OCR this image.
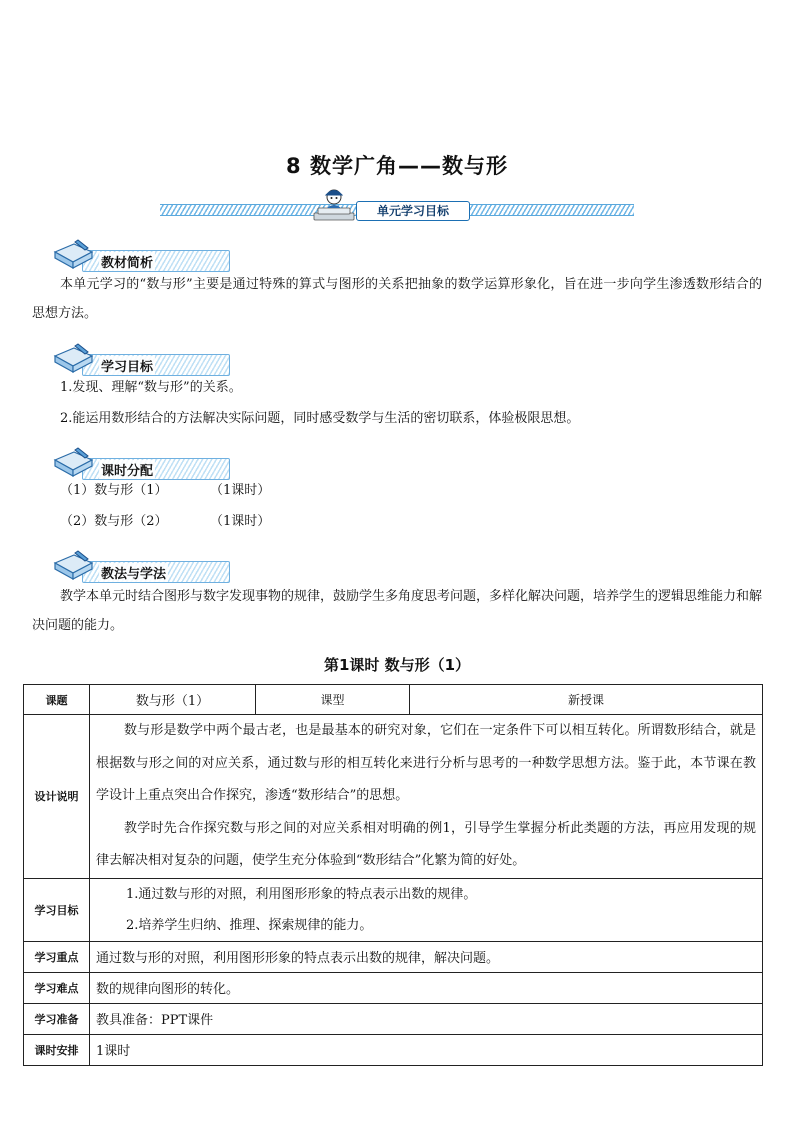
8 数学广角——数与形
单元学习目标
教材简析

本单元学习的“数与形”主要是通过特殊的算式与图形的关系把抽象的数学运算形象化，旨在进一步向学生渗透数形结合的思想方法。

学习目标

1.发现、理解“数与形”的关系。

2.能运用数形结合的方法解决实际问题，同时感受数学与生活的密切联系，体验极限思想。

课时分配

（1）数与形（1）	（1课时）

（2）数与形（2）	（1课时）

教法与学法

教学本单元时结合图形与数字发现事物的规律，鼓励学生多角度思考问题，多样化解决问题，培养学生的逻辑思维能力和解决问题的能力。

第1课时 数与形（1）
课题	数与形（1）	课型	新授课
设计说明	数与形是数学中两个最古老，也是最基本的研究对象，它们在一定条件下可以相互转化。所谓数形结合，就是根据数与形之间的对应关系，通过数与形的相互转化来进行分析与思考的一种数学思想方法。鉴于此，本节课在教学设计上重点突出合作探究，渗透“数形结合”的思想。

教学时先合作探究数与形之间的对应关系相对明确的例1，引导学生掌握分析此类题的方法，再应用发现的规律去解决相对复杂的问题，使学生充分体验到“数形结合”化繁为简的好处。		

学习目标	1.通过数与形的对照，利用图形形象的特点表示出数的规律。

2.培养学生归纳、推理、探索规律的能力。		

学习重点	通过数与形的对照，利用图形形象的特点表示出数的规律，解决问题。		
学习难点	数的规律向图形的转化。		
学习准备	教具准备：PPT课件		
课时安排	1课时		
